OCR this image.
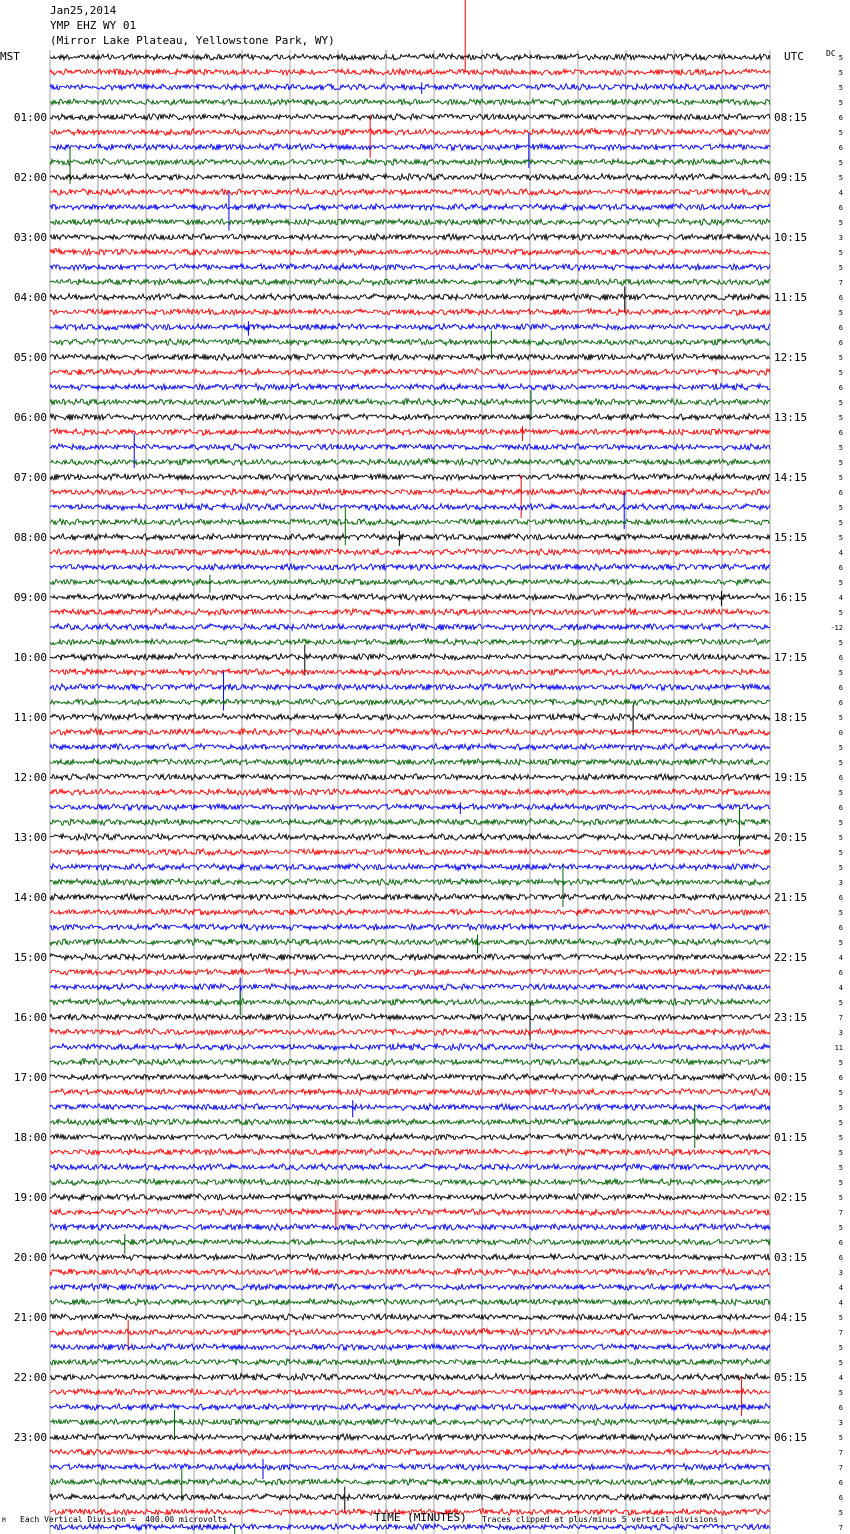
5
5
5
5
6
5
6
5
5
4
6
5
3
5
5
7
6
5
6
6
5
5
6
5
5
6
5
5
5
6
5
5
5
4
6
5
4
5
-12
5
6
5
6
6
5
0
5
5
6
5
6
5
5
5
5
3
6
5
6
5
4
6
4
5
7
3
11
5
6
5
5
5
5
5
5
5
5
7
5
6
6
3
4
4
5
7
5
5
4
5
6
3
5
7
7
6
6
5
7
01:00
02:00
03:00
04:00
05:00
06:00
07:00
08:00
09:00
10:00
11:00
12:00
13:00
14:00
15:00
16:00
17:00
18:00
19:00
20:00
21:00
22:00
23:00
08:15
09:15
10:15
11:15
12:15
13:15
14:15
15:15
16:15
17:15
18:15
19:15
20:15
21:15
22:15
23:15
00:15
01:15
02:15
03:15
04:15
05:15
06:15
Jan25,2014
YMP EHZ WY 01
(Mirror Lake Plateau, Yellowstone Park, WY)
MST	UTC	DC
M Each Vertical Division =  400.00 microvolts	TIME (MINUTES) Traces clipped at plus/minus 5 vertical divisions
